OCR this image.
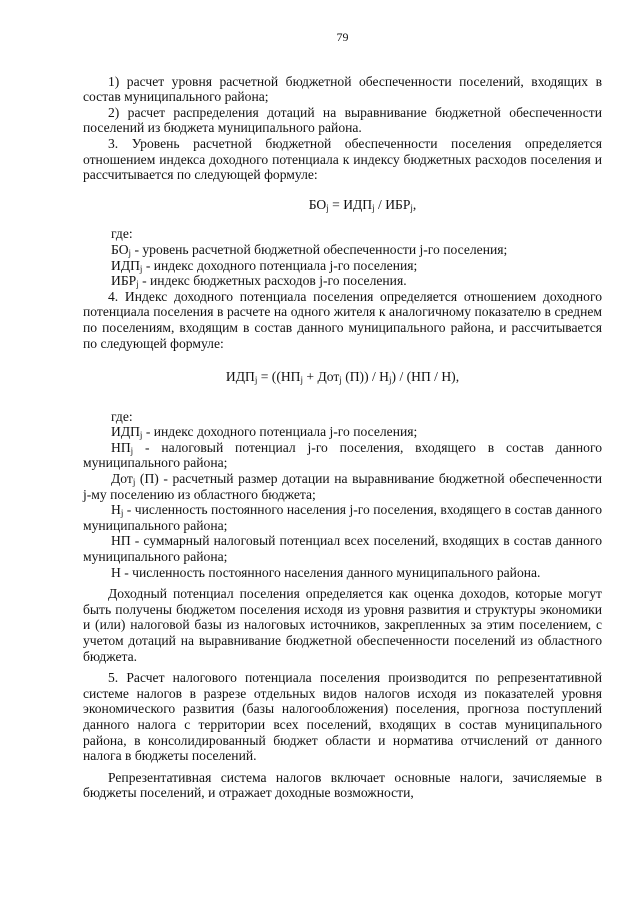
79

1) расчет уровня расчетной бюджетной обеспеченности поселений, входящих в состав муниципального района;

2) расчет распределения дотаций на выравнивание бюджетной обеспеченности поселений из бюджета муниципального района.

3. Уровень расчетной бюджетной обеспеченности поселения определяется отношением индекса доходного потенциала к индексу бюджетных расходов поселения и рассчитывается по следующей формуле:

$БО_j = ИДП_j / ИБР_j$,

где:

$БО_j$ - уровень расчетной бюджетной обеспеченности j-го поселения;

$ИДП_j$ - индекс доходного потенциала j-го поселения;

$ИБР_j$ - индекс бюджетных расходов j-го поселения.

4. Индекс доходного потенциала поселения определяется отношением доходного потенциала поселения в расчете на одного жителя к аналогичному показателю в среднем по поселениям, входящим в состав данного муниципального района, и рассчитывается по следующей формуле:

$ИДП_j = ((НП_j + Дот_j$ $(П)) / Н_j) / (НП / Н)$,

где:

$ИДП_j$ - индекс доходного потенциала j-го поселения;

$НП_j$ - налоговый потенциал j-го поселения, входящего в состав данного муниципального района;

Дот$_j$ (П) - расчетный размер дотации на выравнивание бюджетной обеспеченности j-му поселению из областного бюджета;

$Н_j$ - численность постоянного населения j-го поселения, входящего в состав данного муниципального района;

НП - суммарный налоговый потенциал всех поселений, входящих в состав данного муниципального района;

Н - численность постоянного населения данного муниципального района.

Доходный потенциал поселения определяется как оценка доходов, которые могут быть получены бюджетом поселения исходя из уровня развития и структуры экономики и (или) налоговой базы из налоговых источников, закрепленных за этим поселением, с учетом дотаций на выравнивание бюджетной обеспеченности поселений из областного бюджета.

5. Расчет налогового потенциала поселения производится по репрезентативной системе налогов в разрезе отдельных видов налогов исходя из показателей уровня экономического развития (базы налогообложения) поселения, прогноза поступлений данного налога с территории всех поселений, входящих в состав муниципального района, в консолидированный бюджет области и норматива отчислений от данного налога в бюджеты поселений.

Репрезентативная система налогов включает основные налоги, зачисляемые в бюджеты поселений, и отражает доходные возможности,
